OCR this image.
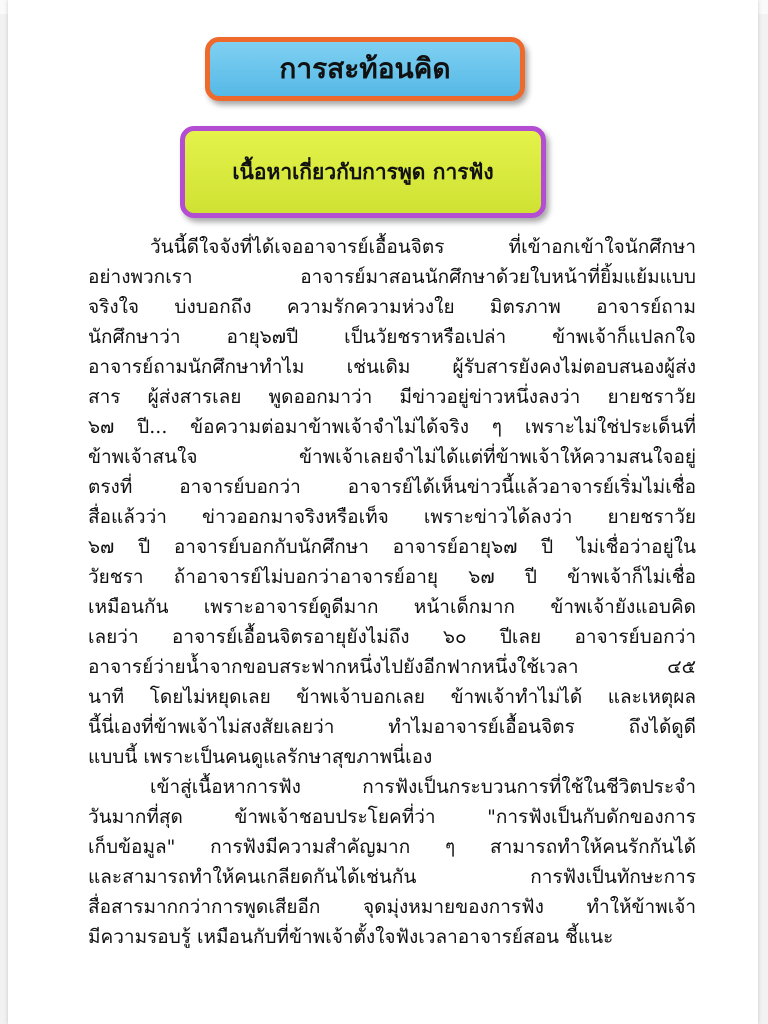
การสะท้อนคิด
เนื้อหาเกี่ยวกับการพูด การฟัง
วันนี้ดีใจจังที่ได้เจออาจารย์เอื้อนจิตร ที่เข้าอกเข้าใจนักศึกษา
อย่างพวกเรา อาจารย์มาสอนนักศึกษาด้วยใบหน้าที่ยิ้มแย้มแบบ
จริงใจ บ่งบอกถึง ความรักความห่วงใย มิตรภาพ อาจารย์ถาม
นักศึกษาว่า อายุ๖๗ปี เป็นวัยชราหรือเปล่า ข้าพเจ้าก็แปลกใจ
อาจารย์ถามนักศึกษาทำไม เช่นเดิม ผู้รับสารยังคงไม่ตอบสนองผู้ส่ง
สาร ผู้ส่งสารเลย พูดออกมาว่า มีข่าวอยู่ข่าวหนึ่งลงว่า ยายชราวัย
๖๗ ปี... ข้อความต่อมาข้าพเจ้าจำไม่ได้จริง ๆ เพราะไม่ใช่ประเด็นที่
ข้าพเจ้าสนใจ ข้าพเจ้าเลยจำไม่ได้แต่ที่ข้าพเจ้าให้ความสนใจอยู่
ตรงที่ อาจารย์บอกว่า อาจารย์ได้เห็นข่าวนี้แล้วอาจารย์เริ่มไม่เชื่อ
สื่อแล้วว่า ข่าวออกมาจริงหรือเท็จ เพราะข่าวได้ลงว่า ยายชราวัย
๖๗ ปี อาจารย์บอกกับนักศึกษา อาจารย์อายุ๖๗ ปี ไม่เชื่อว่าอยู่ใน
วัยชรา ถ้าอาจารย์ไม่บอกว่าอาจารย์อายุ ๖๗ ปี ข้าพเจ้าก็ไม่เชื่อ
เหมือนกัน เพราะอาจารย์ดูดีมาก หน้าเด็กมาก ข้าพเจ้ายังแอบคิด
เลยว่า อาจารย์เอื้อนจิตรอายุยังไม่ถึง ๖๐ ปีเลย อาจารย์บอกว่า
อาจารย์ว่ายน้ำจากขอบสระฟากหนึ่งไปยังอีกฟากหนึ่งใช้เวลา ๔๕
นาที โดยไม่หยุดเลย ข้าพเจ้าบอกเลย ข้าพเจ้าทำไม่ได้ และเหตุผล
นี้นี่เองที่ข้าพเจ้าไม่สงสัยเลยว่า ทำไมอาจารย์เอื้อนจิตร ถึงได้ดูดี
แบบนี้ เพราะเป็นคนดูแลรักษาสุขภาพนี่เอง
เข้าสู่เนื้อหาการฟัง การฟังเป็นกระบวนการที่ใช้ในชีวิตประจำ
วันมากที่สุด ข้าพเจ้าชอบประโยคที่ว่า "การฟังเป็นกับดักของการ
เก็บข้อมูล" การฟังมีความสำคัญมาก ๆ สามารถทำให้คนรักกันได้
และสามารถทำให้คนเกลียดกันได้เช่นกัน การฟังเป็นทักษะการ
สื่อสารมากกว่าการพูดเสียอีก จุดมุ่งหมายของการฟัง ทำให้ข้าพเจ้า
มีความรอบรู้ เหมือนกับที่ข้าพเจ้าตั้งใจฟังเวลาอาจารย์สอน ชี้แนะ
